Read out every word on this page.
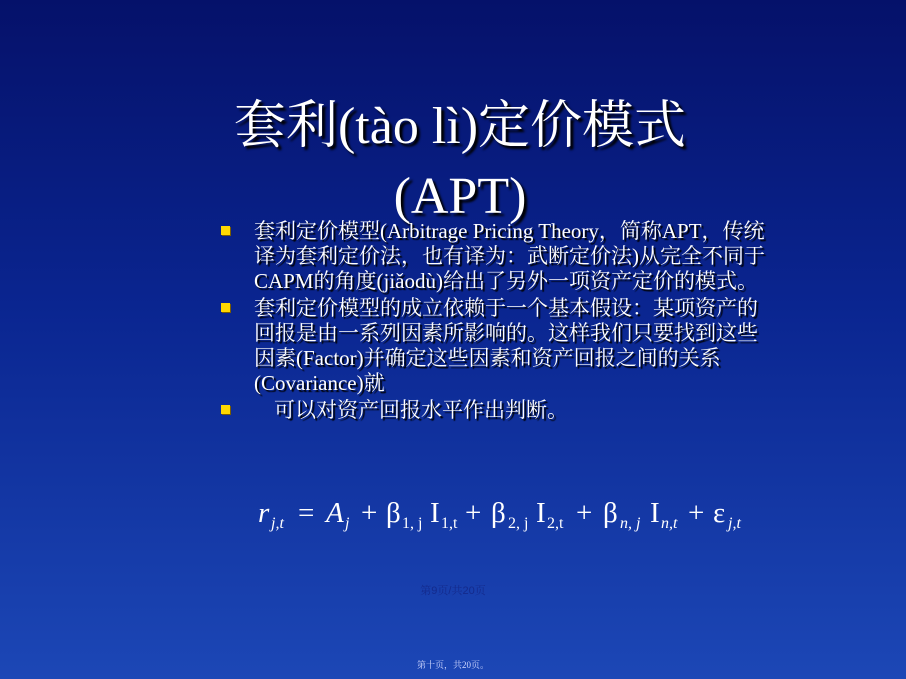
套利(tào lì)定价模式
(APT)
套利定价模型(Arbitrage Pricing Theory，简称APT，传统译为套利定价法，也有译为：武断定价法)从完全不同于CAPM的角度(jiǎodù)给出了另外一项资产定价的模式。
套利定价模型的成立依赖于一个基本假设：某项资产的回报是由一系列因素所影响的。这样我们只要找到这些因素(Factor)并确定这些因素和资产回报之间的关系(Covariance)就
可以对资产回报水平作出判断。
r j,t = A j + β 1, j I 1,t + β 2, j I 2,t + β n, j I n,t + ε j,t
第9页/共20页
第十页，共20页。
